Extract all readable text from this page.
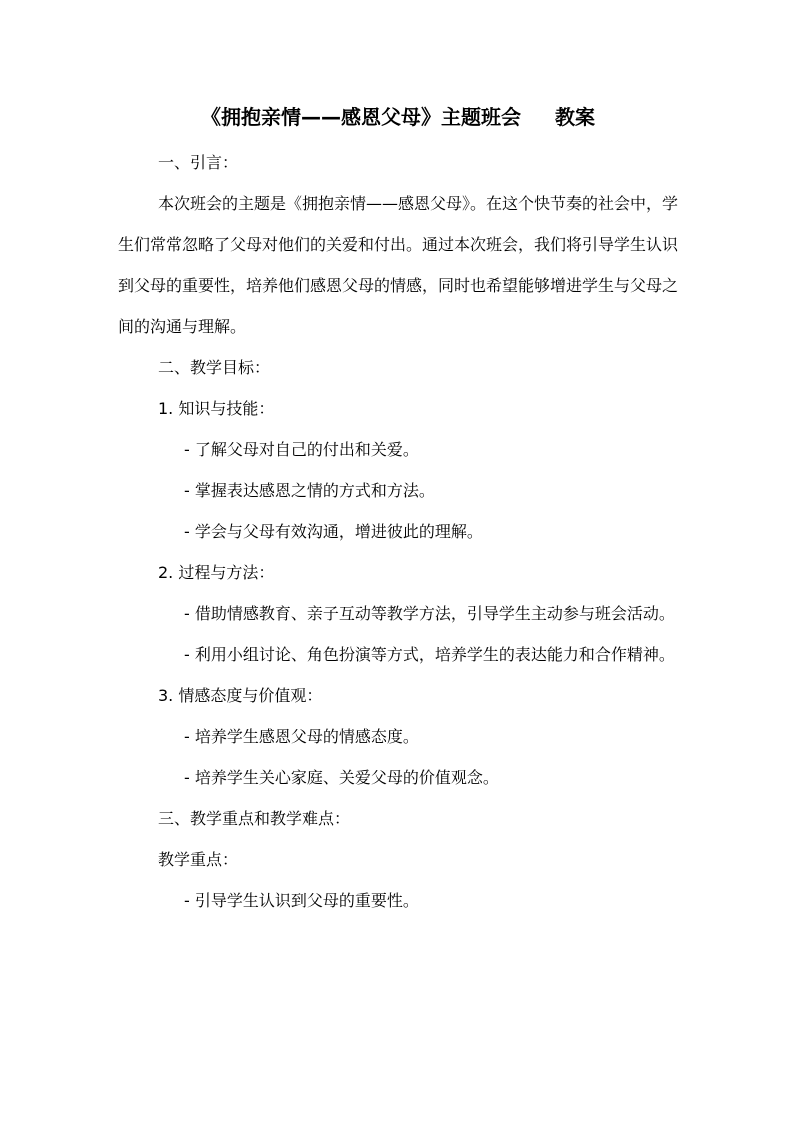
《拥抱亲情——感恩父母》主题班会 教案

一、引言：

本次班会的主题是《拥抱亲情——感恩父母》。在这个快节奏的社会中，学生们常常忽略了父母对他们的关爱和付出。通过本次班会，我们将引导学生认识到父母的重要性，培养他们感恩父母的情感，同时也希望能够增进学生与父母之间的沟通与理解。

二、教学目标：

1. 知识与技能：

- 了解父母对自己的付出和关爱。

- 掌握表达感恩之情的方式和方法。

- 学会与父母有效沟通，增进彼此的理解。

2. 过程与方法：

- 借助情感教育、亲子互动等教学方法，引导学生主动参与班会活动。

- 利用小组讨论、角色扮演等方式，培养学生的表达能力和合作精神。

3. 情感态度与价值观：

- 培养学生感恩父母的情感态度。

- 培养学生关心家庭、关爱父母的价值观念。

三、教学重点和教学难点：

教学重点：

- 引导学生认识到父母的重要性。
